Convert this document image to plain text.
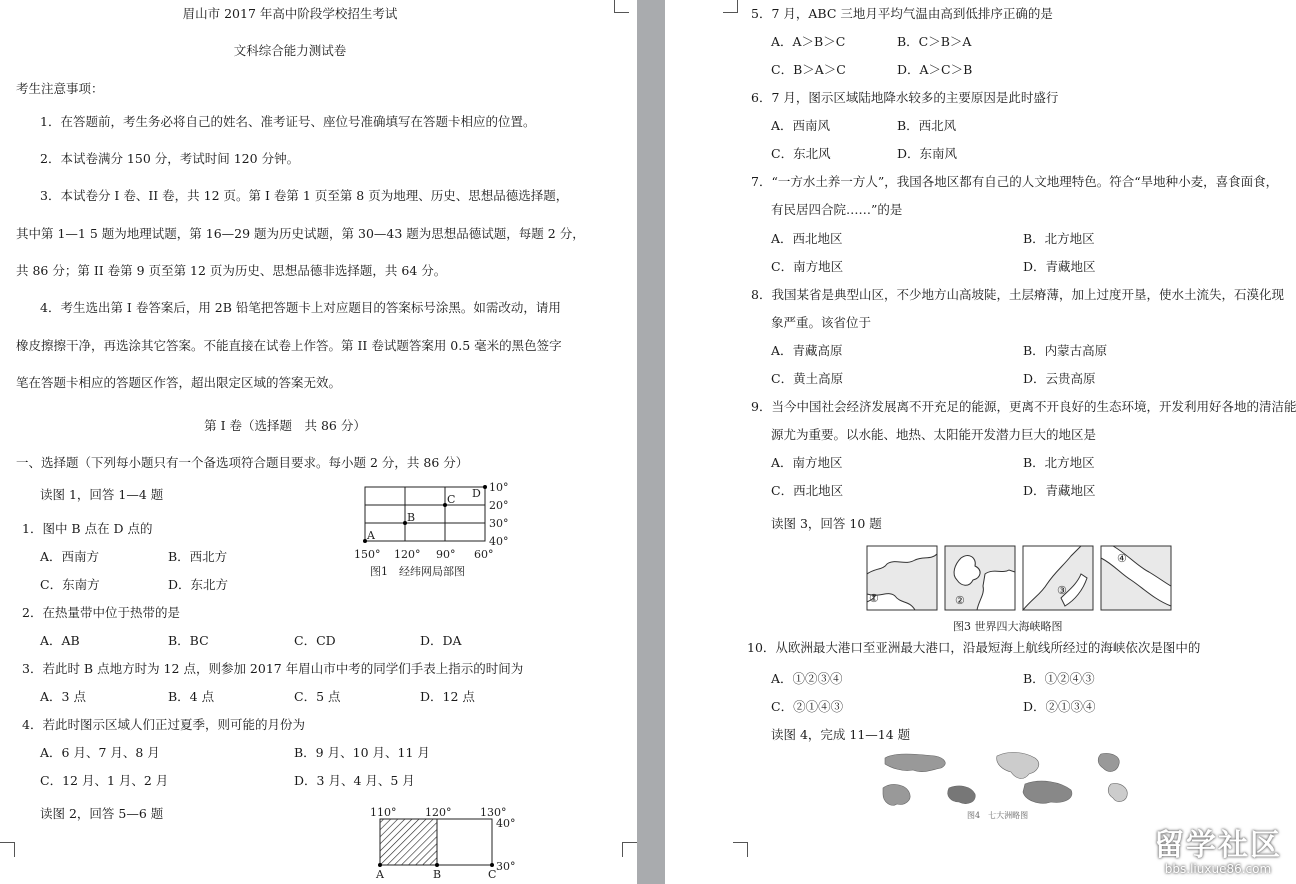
眉山市 2017 年高中阶段学校招生考试
文科综合能力测试卷
考生注意事项：
1．在答题前，考生务必将自己的姓名、准考证号、座位号准确填写在答题卡相应的位置。
2．本试卷满分 150 分，考试时间 120 分钟。
3．本试卷分 I 卷、II 卷，共 12 页。第 I 卷第 1 页至第 8 页为地理、历史、思想品德选择题，
其中第 1—1 5 题为地理试题，第 16—29 题为历史试题，第 30—43 题为思想品德试题，每题 2 分，
共 86 分；第 II 卷第 9 页至第 12 页为历史、思想品德非选择题，共 64 分。
4．考生选出第 I 卷答案后，用 2B 铅笔把答题卡上对应题目的答案标号涂黑。如需改动，请用
橡皮擦擦干净，再选涂其它答案。不能直接在试卷上作答。第 II 卷试题答案用 0.5 毫米的黑色签字
笔在答题卡相应的答题区作答，超出限定区域的答案无效。
第 I 卷（选择题　共 86 分）
一、选择题（下列每小题只有一个备选项符合题目要求。每小题 2 分，共 86 分）
读图 1，回答 1—4 题
1．图中 B 点在 D 点的
A．西南方	B．西北方
C．东南方	D．东北方
2．在热量带中位于热带的是
A．AB	B．BC	C．CD	D．DA
3．若此时 B 点地方时为 12 点，则参加 2017 年眉山市中考的同学们手表上指示的时间为
A．3 点	B．4 点	C．5 点	D．12 点
4．若此时图示区域人们正过夏季，则可能的月份为
A．6 月、7 月、8 月	B．9 月、10 月、11 月
C．12 月、1 月、2 月	D．3 月、4 月、5 月
读图 2，回答 5—6 题
A
B
C D 10°
20°
30°
40°
150° 120° 90° 60°
图1　经纬网局部图
110°	120°	130°
40°
30°
A	B	C
5．7 月，ABC 三地月平均气温由高到低排序正确的是
A．A＞B＞C	B．C＞B＞A
C．B＞A＞C	D．A＞C＞B
6．7 月，图示区域陆地降水较多的主要原因是此时盛行
A．西南风	B．西北风
C．东北风	D．东南风
7．“一方水土养一方人”，我国各地区都有自己的人文地理特色。符合“旱地种小麦，喜食面食，
有民居四合院……”的是
A．西北地区	B．北方地区
C．南方地区	D．青藏地区
8．我国某省是典型山区，不少地方山高坡陡，土层瘠薄，加上过度开垦，使水土流失，石漠化现
象严重。该省位于
A．青藏高原	B．内蒙古高原
C．黄土高原	D．云贵高原
9．当今中国社会经济发展离不开充足的能源，更离不开良好的生态环境，开发利用好各地的清洁能
源尤为重要。以水能、地热、太阳能开发潜力巨大的地区是
A．南方地区	B．北方地区
C．西北地区	D．青藏地区
读图 3，回答 10 题
①	②
③
④
图3 世界四大海峡略图
10．从欧洲最大港口至亚洲最大港口，沿最短海上航线所经过的海峡依次是图中的
A．①②③④	B．①②④③
C．②①④③	D．②①③④
读图 4，完成 11—14 题
图4　七大洲略图
留学社区
bbs.liuxue86.com
